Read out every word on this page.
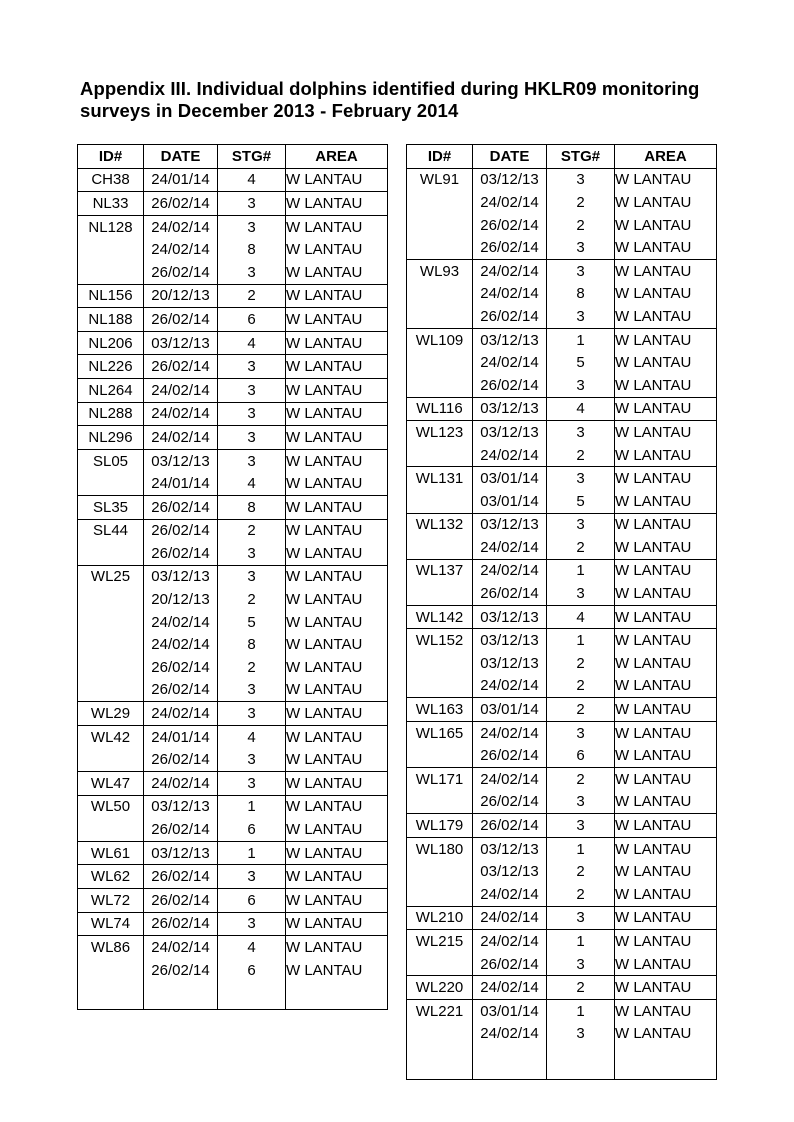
Appendix III. Individual dolphins identified during HKLR09 monitoring
surveys in December 2013 - February 2014
ID#	DATE	STG#	AREA
CH38	24/01/14	4	W LANTAU
NL33	26/02/14	3	W LANTAU
NL128	24/02/14	3	W LANTAU
	24/02/14	8	W LANTAU
	26/02/14	3	W LANTAU
NL156	20/12/13	2	W LANTAU
NL188	26/02/14	6	W LANTAU
NL206	03/12/13	4	W LANTAU
NL226	26/02/14	3	W LANTAU
NL264	24/02/14	3	W LANTAU
NL288	24/02/14	3	W LANTAU
NL296	24/02/14	3	W LANTAU
SL05	03/12/13	3	W LANTAU
	24/01/14	4	W LANTAU
SL35	26/02/14	8	W LANTAU
SL44	26/02/14	2	W LANTAU
	26/02/14	3	W LANTAU
WL25	03/12/13	3	W LANTAU
	20/12/13	2	W LANTAU
	24/02/14	5	W LANTAU
	24/02/14	8	W LANTAU
	26/02/14	2	W LANTAU
	26/02/14	3	W LANTAU
WL29	24/02/14	3	W LANTAU
WL42	24/01/14	4	W LANTAU
	26/02/14	3	W LANTAU
WL47	24/02/14	3	W LANTAU
WL50	03/12/13	1	W LANTAU
	26/02/14	6	W LANTAU
WL61	03/12/13	1	W LANTAU
WL62	26/02/14	3	W LANTAU
WL72	26/02/14	6	W LANTAU
WL74	26/02/14	3	W LANTAU
WL86	24/02/14	4	W LANTAU
	26/02/14	6	W LANTAU

ID#	DATE	STG#	AREA
WL91	03/12/13	3	W LANTAU
	24/02/14	2	W LANTAU
	26/02/14	2	W LANTAU
	26/02/14	3	W LANTAU
WL93	24/02/14	3	W LANTAU
	24/02/14	8	W LANTAU
	26/02/14	3	W LANTAU
WL109	03/12/13	1	W LANTAU
	24/02/14	5	W LANTAU
	26/02/14	3	W LANTAU
WL116	03/12/13	4	W LANTAU
WL123	03/12/13	3	W LANTAU
	24/02/14	2	W LANTAU
WL131	03/01/14	3	W LANTAU
	03/01/14	5	W LANTAU
WL132	03/12/13	3	W LANTAU
	24/02/14	2	W LANTAU
WL137	24/02/14	1	W LANTAU
	26/02/14	3	W LANTAU
WL142	03/12/13	4	W LANTAU
WL152	03/12/13	1	W LANTAU
	03/12/13	2	W LANTAU
	24/02/14	2	W LANTAU
WL163	03/01/14	2	W LANTAU
WL165	24/02/14	3	W LANTAU
	26/02/14	6	W LANTAU
WL171	24/02/14	2	W LANTAU
	26/02/14	3	W LANTAU
WL179	26/02/14	3	W LANTAU
WL180	03/12/13	1	W LANTAU
	03/12/13	2	W LANTAU
	24/02/14	2	W LANTAU
WL210	24/02/14	3	W LANTAU
WL215	24/02/14	1	W LANTAU
	26/02/14	3	W LANTAU
WL220	24/02/14	2	W LANTAU
WL221	03/01/14	1	W LANTAU
	24/02/14	3	W LANTAU
